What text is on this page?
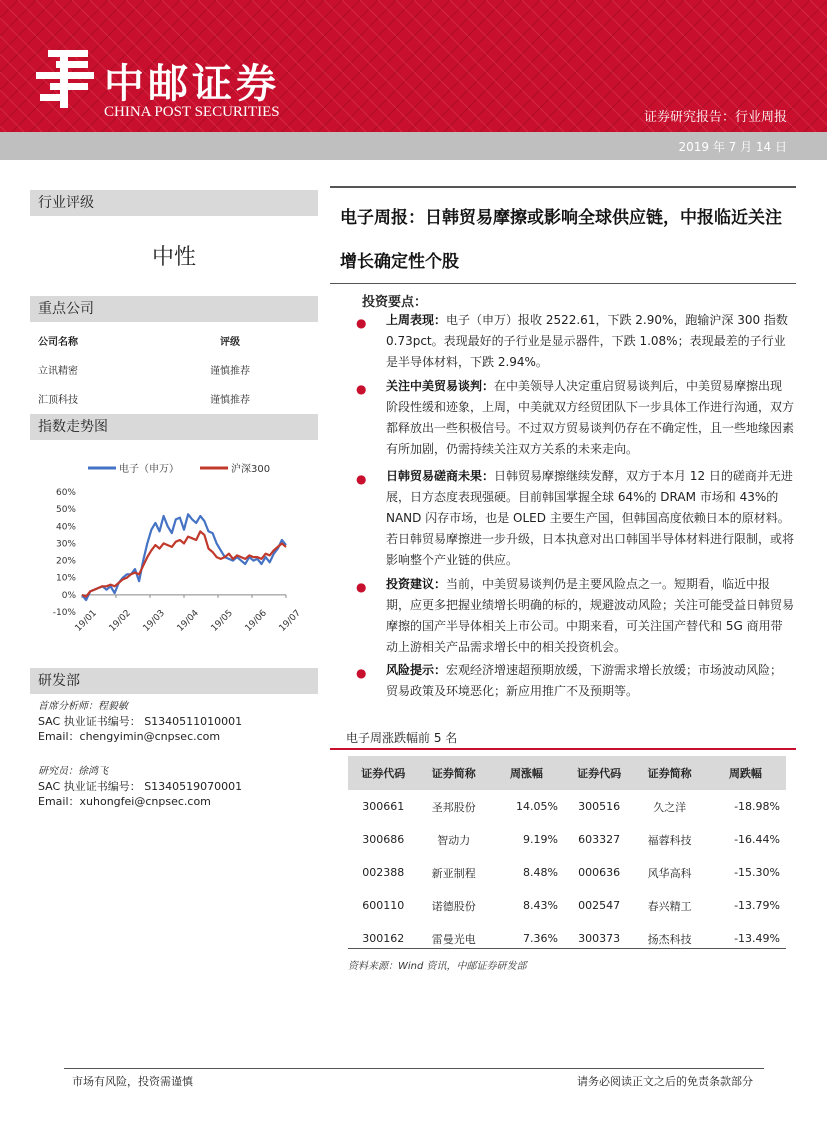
中邮证券
CHINA POST SECURITIES	证券研究报告：行业周报
2019 年 7 月 14 日
行业评级
中性
重点公司
公司名称	评级
立讯精密	谨慎推荐
汇顶科技	谨慎推荐
指数走势图
电子（申万）	沪深300
60%
50%
40%
30%
20%
10%
0%
-10%
19/01 19/02 19/03 19/04 19/05 19/06 19/07
研发部
首席分析师：程毅敏
SAC 执业证书编号： S1340511010001
Email：chengyimin@cnpsec.com
研究员：徐鸿飞
SAC 执业证书编号： S1340519070001
Email：xuhongfei@cnpsec.com
电子周报：日韩贸易摩擦或影响全球供应链，中报临近关注增长确定性个股
投资要点：
● 上周表现：电子（申万）报收 2522.61，下跌 2.90%，跑输沪深 300 指数 0.73pct。表现最好的子行业是显示器件，下跌 1.08%；表现最差的子行业是半导体材料，下跌 2.94%。
● 关注中美贸易谈判：在中美领导人决定重启贸易谈判后，中美贸易摩擦出现阶段性缓和迹象，上周，中美就双方经贸团队下一步具体工作进行沟通，双方都释放出一些积极信号。不过双方贸易谈判仍存在不确定性，且一些地缘因素有所加剧，仍需持续关注双方关系的未来走向。
● 日韩贸易磋商未果：日韩贸易摩擦继续发酵，双方于本月 12 日的磋商并无进展，日方态度表现强硬。目前韩国掌握全球 64%的 DRAM 市场和 43%的 NAND 闪存市场，也是 OLED 主要生产国，但韩国高度依赖日本的原材料。若日韩贸易摩擦进一步升级，日本执意对出口韩国半导体材料进行限制，或将影响整个产业链的供应。
● 投资建议：当前，中美贸易谈判仍是主要风险点之一。短期看，临近中报期，应更多把握业绩增长明确的标的，规避波动风险；关注可能受益日韩贸易摩擦的国产半导体相关上市公司。中期来看，可关注国产替代和 5G 商用带动上游相关产品需求增长中的相关投资机会。
● 风险提示：宏观经济增速超预期放缓，下游需求增长放缓；市场波动风险；贸易政策及环境恶化；新应用推广不及预期等。
电子周涨跌幅前 5 名
证券代码	证券简称	周涨幅	证券代码	证券简称	周跌幅
300661	圣邦股份	14.05%	300516	久之洋	-18.98%
300686	智动力	9.19%	603327	福蓉科技	-16.44%
002388	新亚制程	8.48%	000636	风华高科	-15.30%
600110	诺德股份	8.43%	002547	春兴精工	-13.79%
300162	雷曼光电	7.36%	300373	扬杰科技	-13.49%
资料来源：Wind 资讯，中邮证券研发部
市场有风险，投资需谨慎	请务必阅读正文之后的免责条款部分
